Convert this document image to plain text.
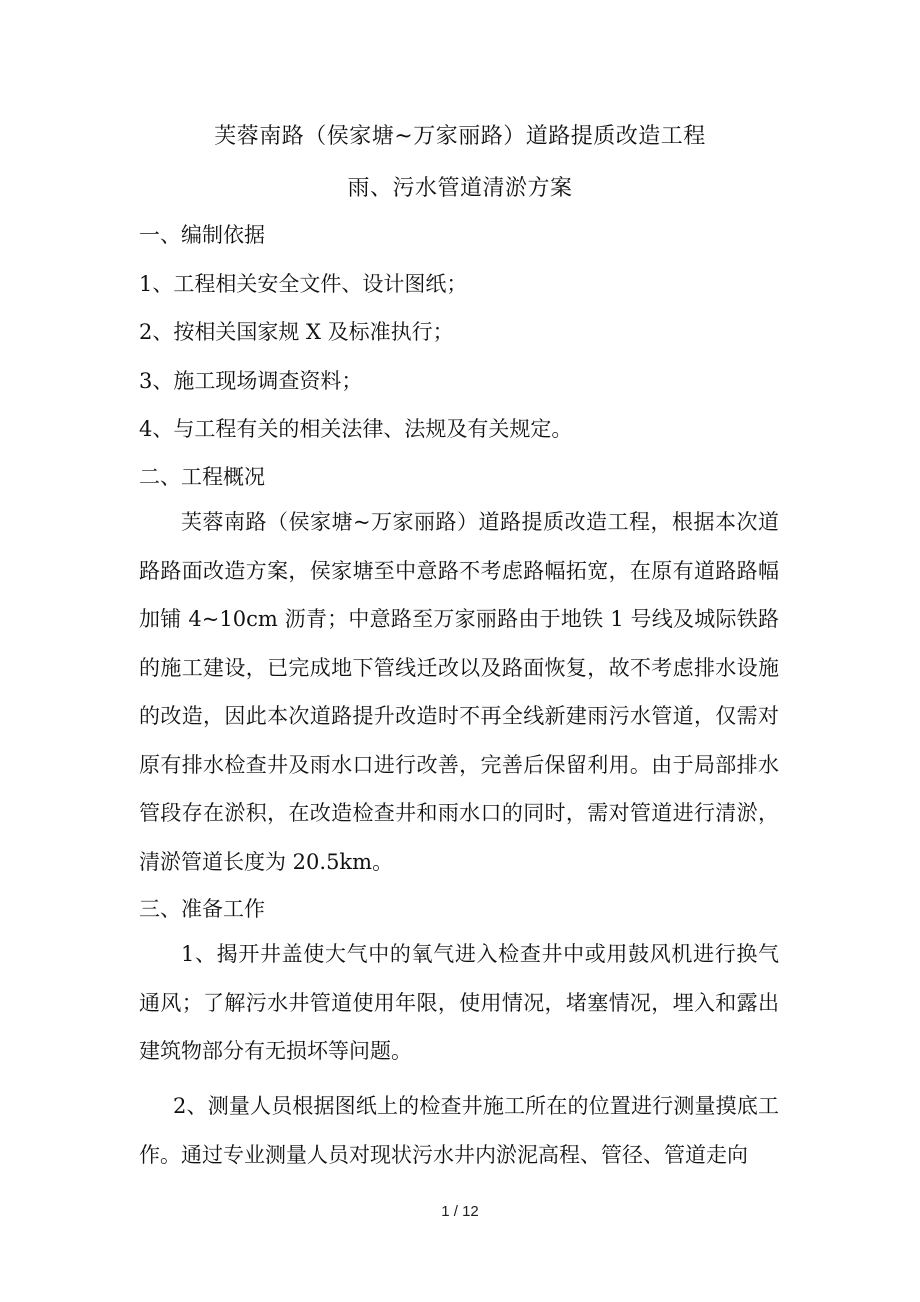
芙蓉南路（侯家塘~万家丽路）道路提质改造工程
雨、污水管道清淤方案
一、编制依据
1、工程相关安全文件、设计图纸；
2、按相关国家规 X 及标准执行；
3、施工现场调查资料；
4、与工程有关的相关法律、法规及有关规定。
二、工程概况
芙蓉南路（侯家塘~万家丽路）道路提质改造工程，根据本次道路路面改造方案，侯家塘至中意路不考虑路幅拓宽，在原有道路路幅加铺 4~10cm 沥青；中意路至万家丽路由于地铁 1 号线及城际铁路的施工建设，已完成地下管线迁改以及路面恢复，故不考虑排水设施的改造，因此本次道路提升改造时不再全线新建雨污水管道，仅需对原有排水检查井及雨水口进行改善，完善后保留利用。由于局部排水管段存在淤积，在改造检查井和雨水口的同时，需对管道进行清淤，清淤管道长度为 20.5km。
三、准备工作
1、揭开井盖使大气中的氧气进入检查井中或用鼓风机进行换气通风；了解污水井管道使用年限，使用情况，堵塞情况，埋入和露出建筑物部分有无损坏等问题。
2、测量人员根据图纸上的检查井施工所在的位置进行测量摸底工作。通过专业测量人员对现状污水井内淤泥高程、管径、管道走向
1 / 12
